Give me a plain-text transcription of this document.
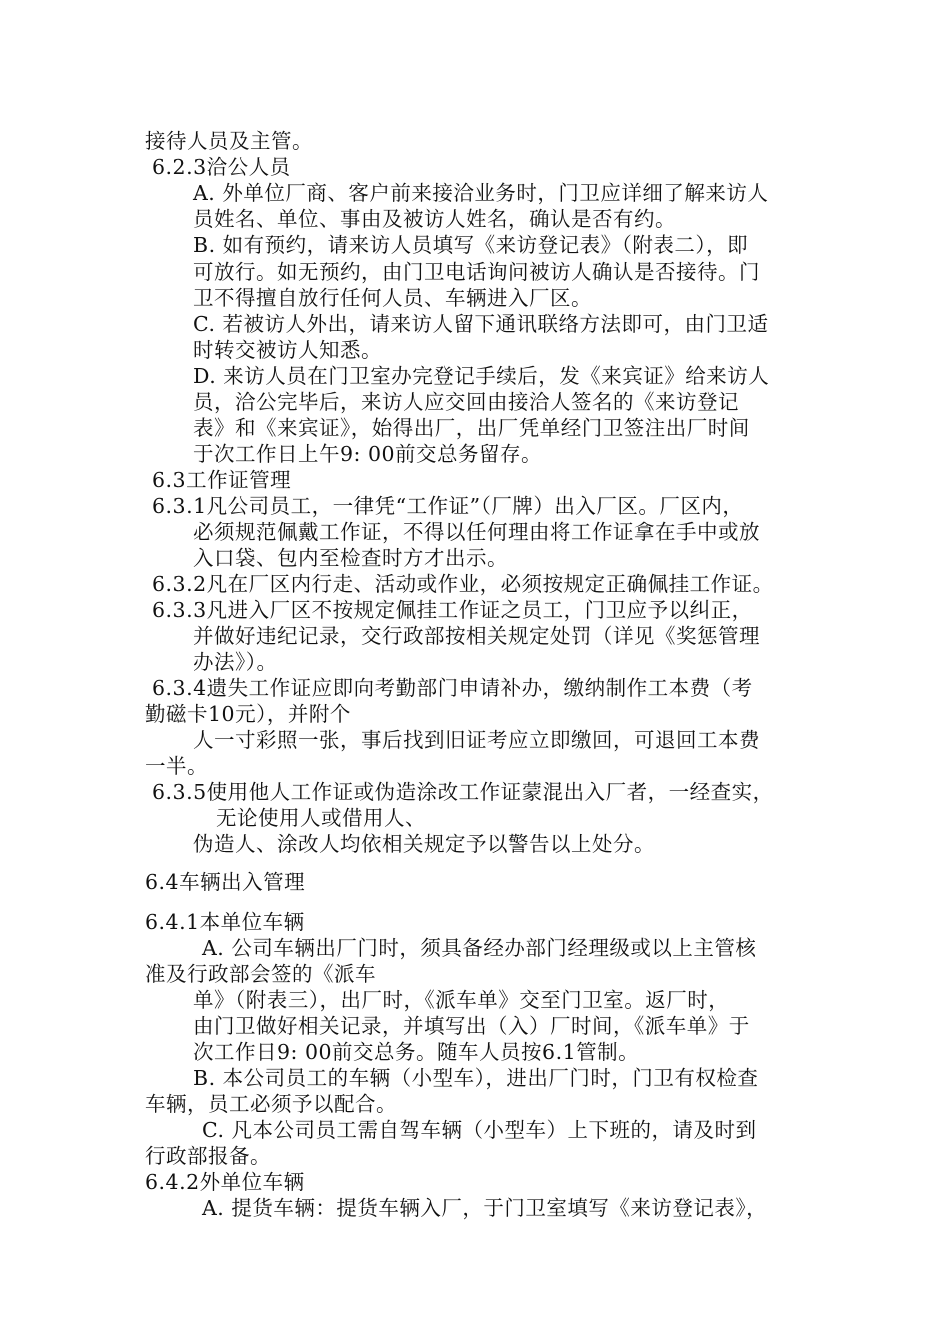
接待人员及主管。
6.2.3洽公人员
A. 外单位厂商、客户前来接洽业务时，门卫应详细了解来访人
员姓名、单位、事由及被访人姓名，确认是否有约。
B. 如有预约，请来访人员填写《来访登记表》（附表二），即
可放行。如无预约，由门卫电话询问被访人确认是否接待。门
卫不得擅自放行任何人员、车辆进入厂区。
C. 若被访人外出，请来访人留下通讯联络方法即可，由门卫适
时转交被访人知悉。
D. 来访人员在门卫室办完登记手续后，发《来宾证》给来访人
员，洽公完毕后，来访人应交回由接洽人签名的《来访登记
表》和《来宾证》，始得出厂，出厂凭单经门卫签注出厂时间
于次工作日上午9: 00前交总务留存。
6.3工作证管理
6.3.1凡公司员工，一律凭“工作证”（厂牌）出入厂区。厂区内，
必须规范佩戴工作证，不得以任何理由将工作证拿在手中或放
入口袋、包内至检查时方才出示。
6.3.2凡在厂区内行走、活动或作业，必须按规定正确佩挂工作证。
6.3.3凡进入厂区不按规定佩挂工作证之员工，门卫应予以纠正，
并做好违纪记录，交行政部按相关规定处罚（详见《奖惩管理
办法》）。
6.3.4遗失工作证应即向考勤部门申请补办，缴纳制作工本费（考
勤磁卡10元），并附个
人一寸彩照一张，事后找到旧证考应立即缴回，可退回工本费
一半。
6.3.5使用他人工作证或伪造涂改工作证蒙混出入厂者，一经查实，
无论使用人或借用人、
伪造人、涂改人均依相关规定予以警告以上处分。
6.4车辆出入管理
6.4.1本单位车辆
A. 公司车辆出厂门时，须具备经办部门经理级或以上主管核
准及行政部会签的《派车
单》（附表三），出厂时，《派车单》交至门卫室。返厂时，
由门卫做好相关记录，并填写出（入）厂时间，《派车单》于
次工作日9: 00前交总务。随车人员按6.1管制。
B. 本公司员工的车辆（小型车），进出厂门时，门卫有权检查
车辆，员工必须予以配合。
C. 凡本公司员工需自驾车辆（小型车）上下班的，请及时到
行政部报备。
6.4.2外单位车辆
A. 提货车辆：提货车辆入厂，于门卫室填写《来访登记表》，
